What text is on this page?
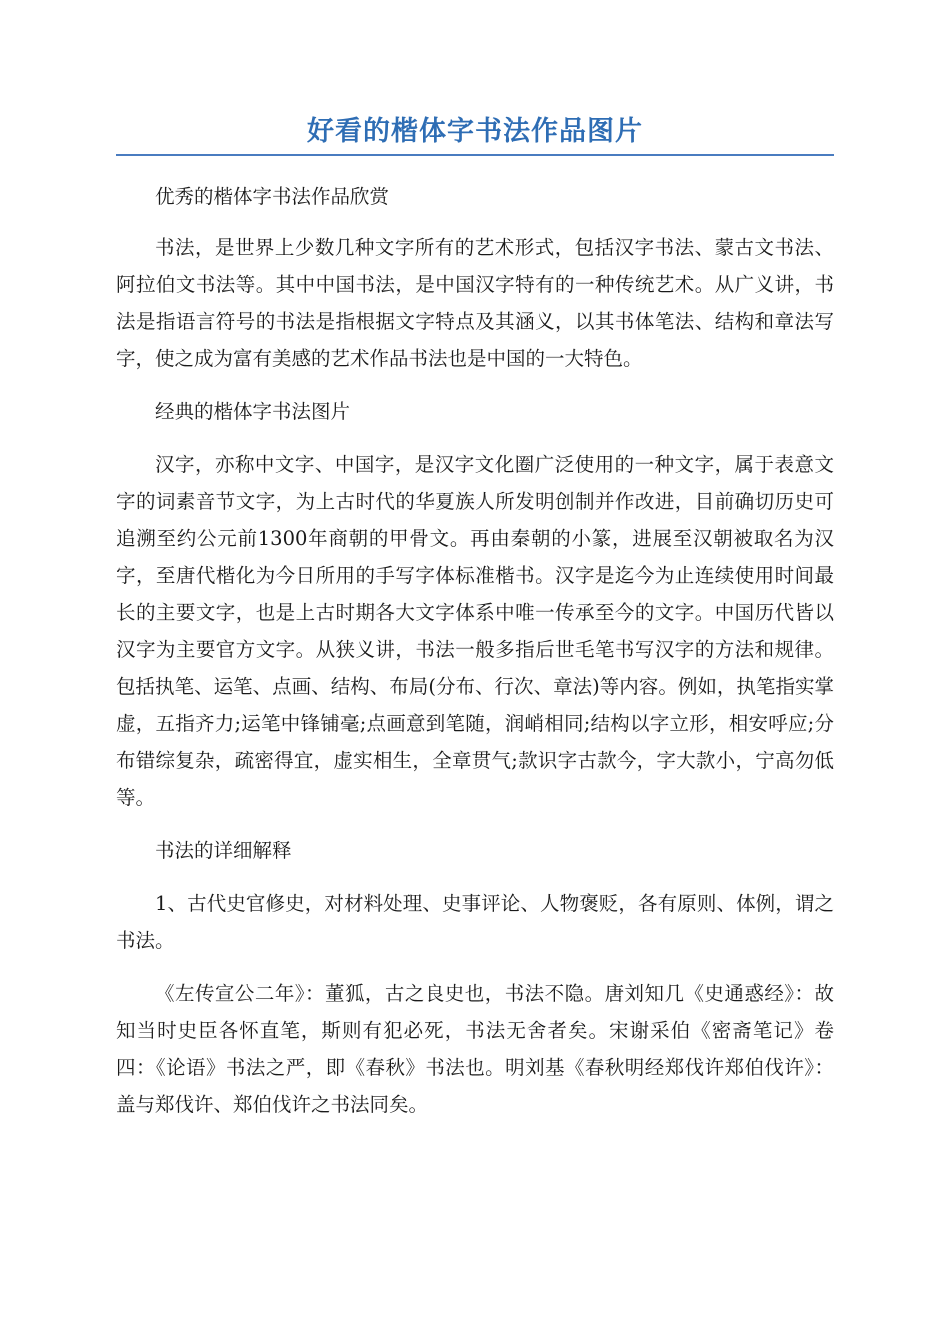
好看的楷体字书法作品图片

优秀的楷体字书法作品欣赏

书法，是世界上少数几种文字所有的艺术形式，包括汉字书法、蒙古文书法、阿拉伯文书法等。其中中国书法，是中国汉字特有的一种传统艺术。从广义讲，书法是指语言符号的书法是指根据文字特点及其涵义，以其书体笔法、结构和章法写字，使之成为富有美感的艺术作品书法也是中国的一大特色。

经典的楷体字书法图片

汉字，亦称中文字、中国字，是汉字文化圈广泛使用的一种文字，属于表意文字的词素音节文字，为上古时代的华夏族人所发明创制并作改进，目前确切历史可追溯至约公元前1300年商朝的甲骨文。再由秦朝的小篆，进展至汉朝被取名为汉字，至唐代楷化为今日所用的手写字体标准楷书。汉字是迄今为止连续使用时间最长的主要文字，也是上古时期各大文字体系中唯一传承至今的文字。中国历代皆以汉字为主要官方文字。从狭义讲，书法一般多指后世毛笔书写汉字的方法和规律。包括执笔、运笔、点画、结构、布局(分布、行次、章法)等内容。例如，执笔指实掌虚，五指齐力;运笔中锋铺毫;点画意到笔随，润峭相同;结构以字立形，相安呼应;分布错综复杂，疏密得宜，虚实相生，全章贯气;款识字古款今，字大款小，宁高勿低等。

书法的详细解释

1、古代史官修史，对材料处理、史事评论、人物褒贬，各有原则、体例，谓之书法。

《左传宣公二年》：董狐，古之良史也，书法不隐。唐刘知几《史通惑经》：故知当时史臣各怀直笔，斯则有犯必死，书法无舍者矣。宋谢采伯《密斋笔记》卷四：《论语》书法之严，即《春秋》书法也。明刘基《春秋明经郑伐许郑伯伐许》：盖与郑伐许、郑伯伐许之书法同矣。
